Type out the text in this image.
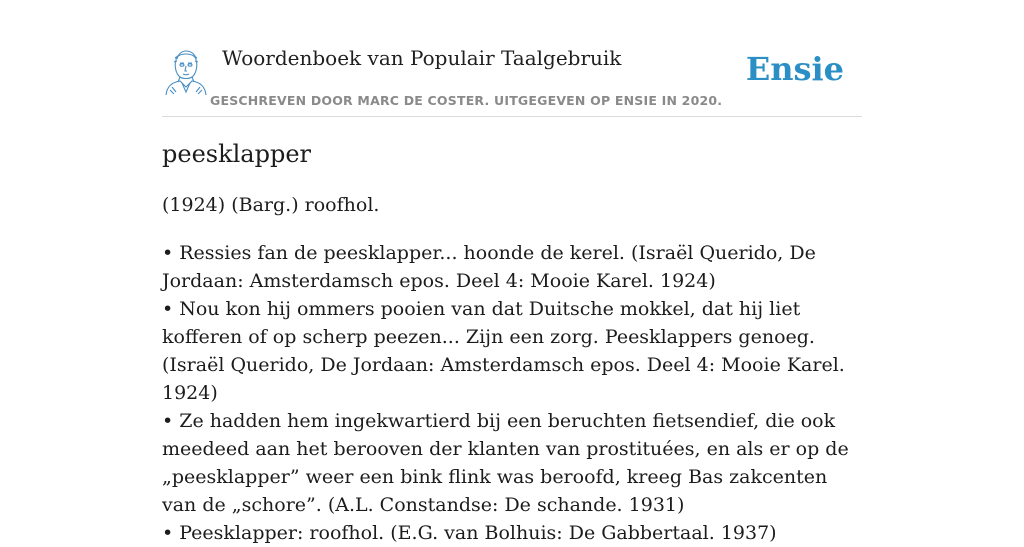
Woordenboek van Populair Taalgebruik
GESCHREVEN DOOR MARC DE COSTER. UITGEGEVEN OP ENSIE IN 2020.
Ensie
peesklapper

(1924) (Barg.) roofhol.

• Ressies fan de peesklapper... hoonde de kerel. (Israël Querido, De Jordaan: Amsterdamsch epos. Deel 4: Mooie Karel. 1924)
• Nou kon hij ommers pooien van dat Duitsche mokkel, dat hij liet kofferen of op scherp peezen... Zijn een zorg. Peesklappers genoeg. (Israël Querido, De Jordaan: Amsterdamsch epos. Deel 4: Mooie Karel. 1924)
• Ze hadden hem ingekwartierd bij een beruchten fietsendief, die ook meedeed aan het berooven der klanten van prostituées, en als er op de „peesklapper” weer een bink flink was beroofd, kreeg Bas zakcenten van de „schore”. (A.L. Constandse: De schande. 1931)
• Peesklapper: roofhol. (E.G. van Bolhuis: De Gabbertaal. 1937)
